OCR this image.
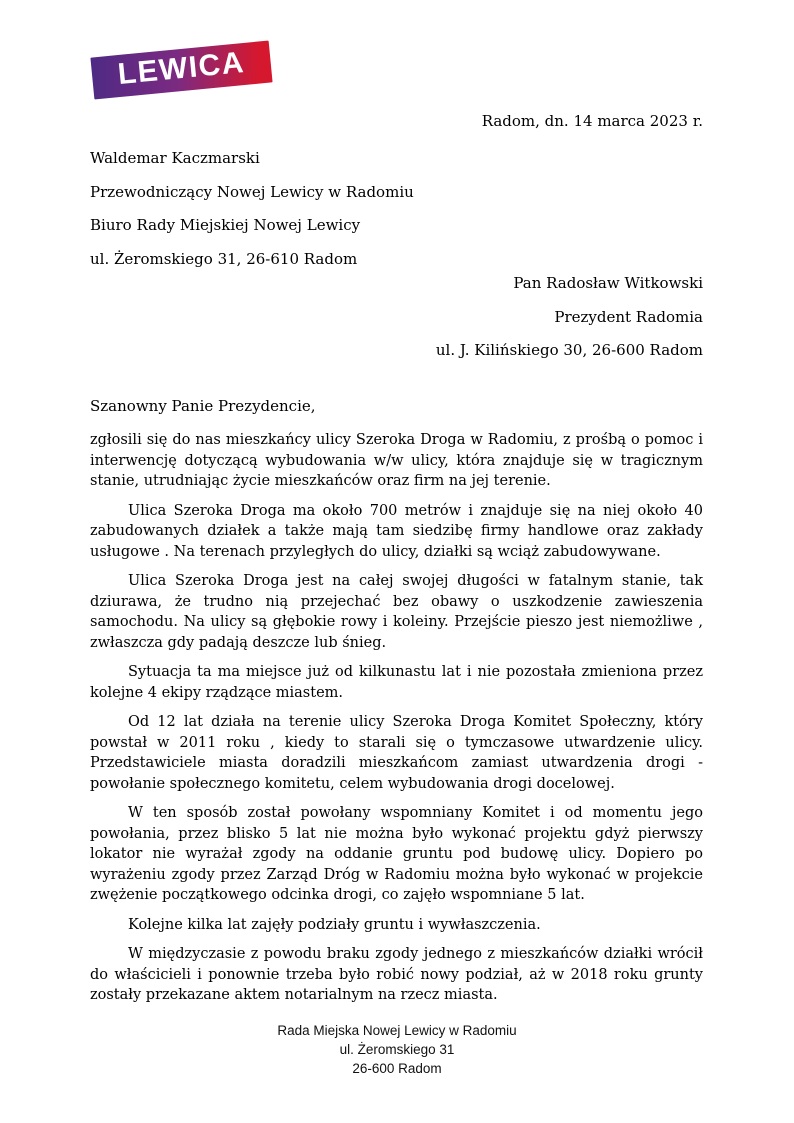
LEWICA
Radom, dn. 14 marca 2023 r.
Waldemar Kaczmarski
Przewodniczący Nowej Lewicy w Radomiu
Biuro Rady Miejskiej Nowej Lewicy
ul. Żeromskiego 31, 26-610 Radom
Pan Radosław Witkowski
Prezydent Radomia
ul. J. Kilińskiego 30, 26-600 Radom
Szanowny Panie Prezydencie,

zgłosili się do nas mieszkańcy ulicy Szeroka Droga w Radomiu, z prośbą o pomoc i interwencję dotyczącą wybudowania w/w ulicy, która znajduje się w tragicznym stanie, utrudniając życie mieszkańców oraz firm na jej terenie.

Ulica Szeroka Droga ma około 700 metrów i znajduje się na niej około 40 zabudowanych działek a także mają tam siedzibę firmy handlowe oraz zakłady usługowe . Na terenach przyległych do ulicy, działki są wciąż zabudowywane.

Ulica Szeroka Droga jest na całej swojej długości w fatalnym stanie, tak dziurawa, że trudno nią przejechać bez obawy o uszkodzenie zawieszenia samochodu. Na ulicy są głębokie rowy i koleiny. Przejście pieszo jest niemożliwe , zwłaszcza gdy padają deszcze lub śnieg.

Sytuacja ta ma miejsce już od kilkunastu lat i nie pozostała zmieniona przez kolejne 4 ekipy rządzące miastem.

Od 12 lat działa na terenie ulicy Szeroka Droga Komitet Społeczny, który powstał w 2011 roku , kiedy to starali się o tymczasowe utwardzenie ulicy. Przedstawiciele miasta doradzili mieszkańcom zamiast utwardzenia drogi - powołanie społecznego komitetu, celem wybudowania drogi docelowej.

W ten sposób został powołany wspomniany Komitet i od momentu jego powołania, przez blisko 5 lat nie można było wykonać projektu gdyż pierwszy lokator nie wyrażał zgody na oddanie gruntu pod budowę ulicy. Dopiero po wyrażeniu zgody przez Zarząd Dróg w Radomiu można było wykonać w projekcie zwężenie początkowego odcinka drogi, co zajęło wspomniane 5 lat.

Kolejne kilka lat zajęły podziały gruntu i wywłaszczenia.

W międzyczasie z powodu braku zgody jednego z mieszkańców działki wrócił do właścicieli i ponownie trzeba było robić nowy podział, aż w 2018 roku grunty zostały przekazane aktem notarialnym na rzecz miasta.

Rada Miejska Nowej Lewicy w Radomiu
ul. Żeromskiego 31
26-600 Radom
